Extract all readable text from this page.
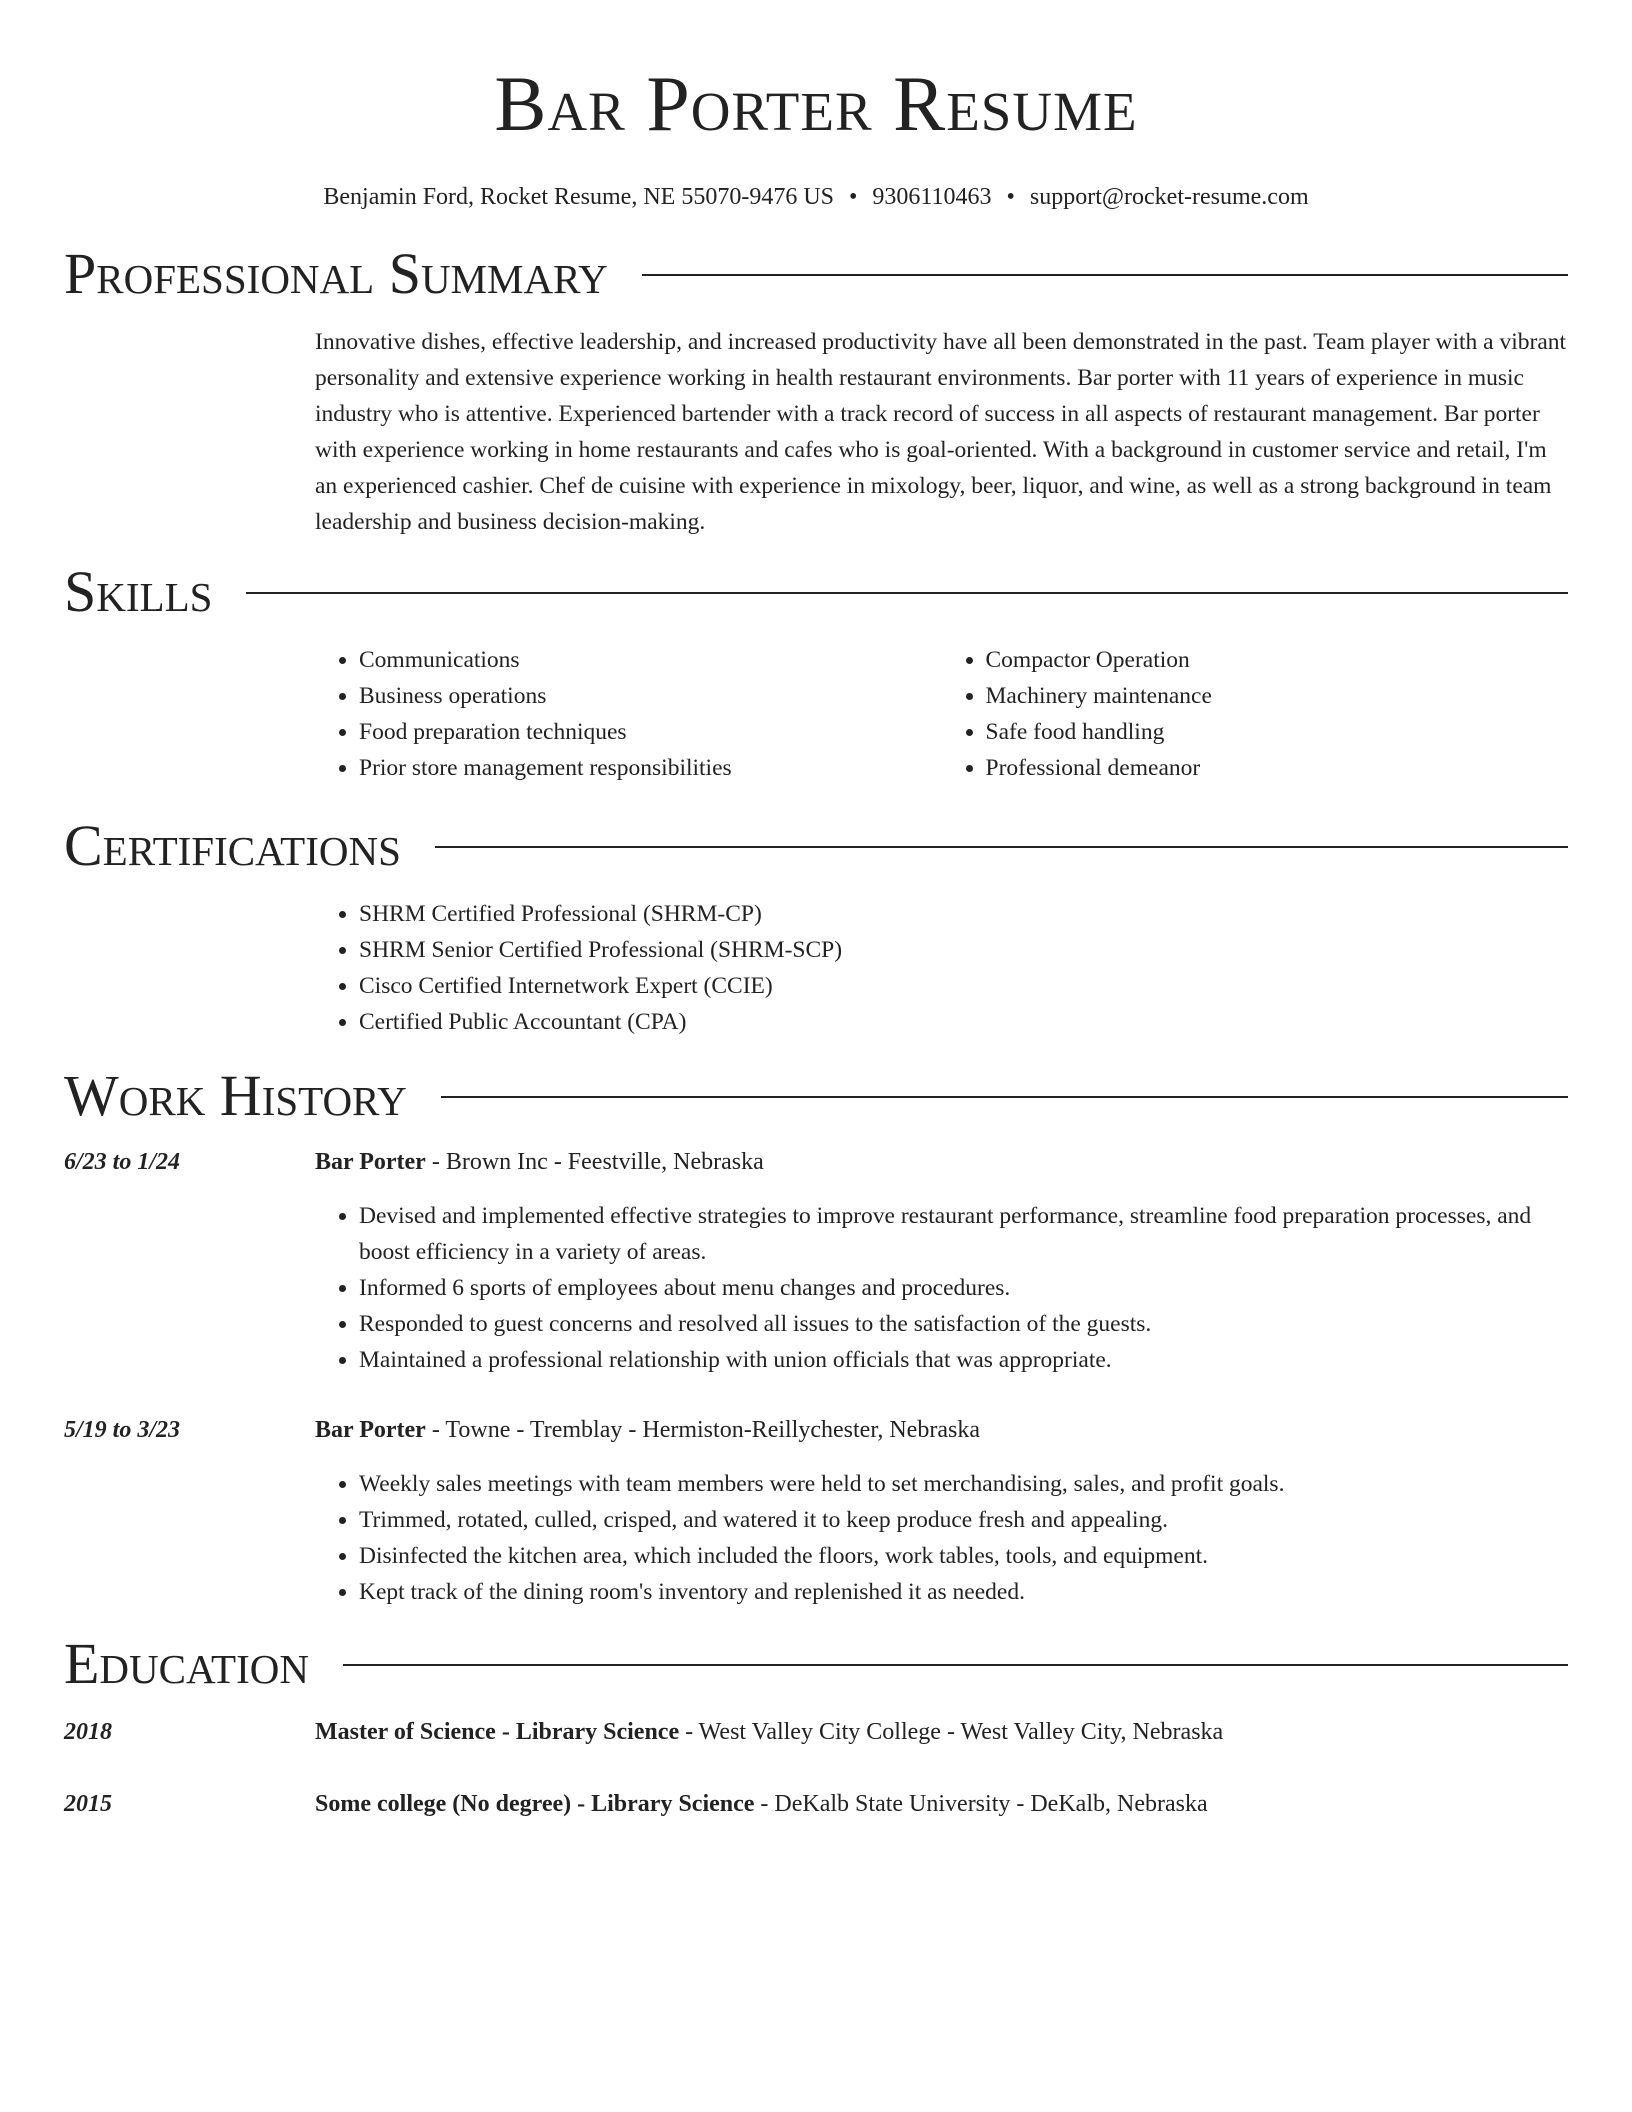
Bar Porter Resume
Benjamin Ford, Rocket Resume, NE 55070-9476 US • 9306110463 • support@rocket-resume.com
Professional Summary
Innovative dishes, effective leadership, and increased productivity have all been demonstrated in the past. Team player with a vibrant personality and extensive experience working in health restaurant environments. Bar porter with 11 years of experience in music industry who is attentive. Experienced bartender with a track record of success in all aspects of restaurant management. Bar porter with experience working in home restaurants and cafes who is goal-oriented. With a background in customer service and retail, I'm an experienced cashier. Chef de cuisine with experience in mixology, beer, liquor, and wine, as well as a strong background in team leadership and business decision-making.
Skills
• Communications
• Business operations
• Food preparation techniques
• Prior store management responsibilities
• Compactor Operation
• Machinery maintenance
• Safe food handling
• Professional demeanor
Certifications
• SHRM Certified Professional (SHRM-CP)
• SHRM Senior Certified Professional (SHRM-SCP)
• Cisco Certified Internetwork Expert (CCIE)
• Certified Public Accountant (CPA)
Work History
6/23 to 1/24	Bar Porter - Brown Inc - Feestville, Nebraska
• Devised and implemented effective strategies to improve restaurant performance, streamline food preparation processes, and boost efficiency in a variety of areas.
• Informed 6 sports of employees about menu changes and procedures.
• Responded to guest concerns and resolved all issues to the satisfaction of the guests.
• Maintained a professional relationship with union officials that was appropriate.
5/19 to 3/23	Bar Porter - Towne - Tremblay - Hermiston-Reillychester, Nebraska
• Weekly sales meetings with team members were held to set merchandising, sales, and profit goals.
• Trimmed, rotated, culled, crisped, and watered it to keep produce fresh and appealing.
• Disinfected the kitchen area, which included the floors, work tables, tools, and equipment.
• Kept track of the dining room's inventory and replenished it as needed.
Education
2018	Master of Science - Library Science - West Valley City College - West Valley City, Nebraska
2015	Some college (No degree) - Library Science - DeKalb State University - DeKalb, Nebraska
